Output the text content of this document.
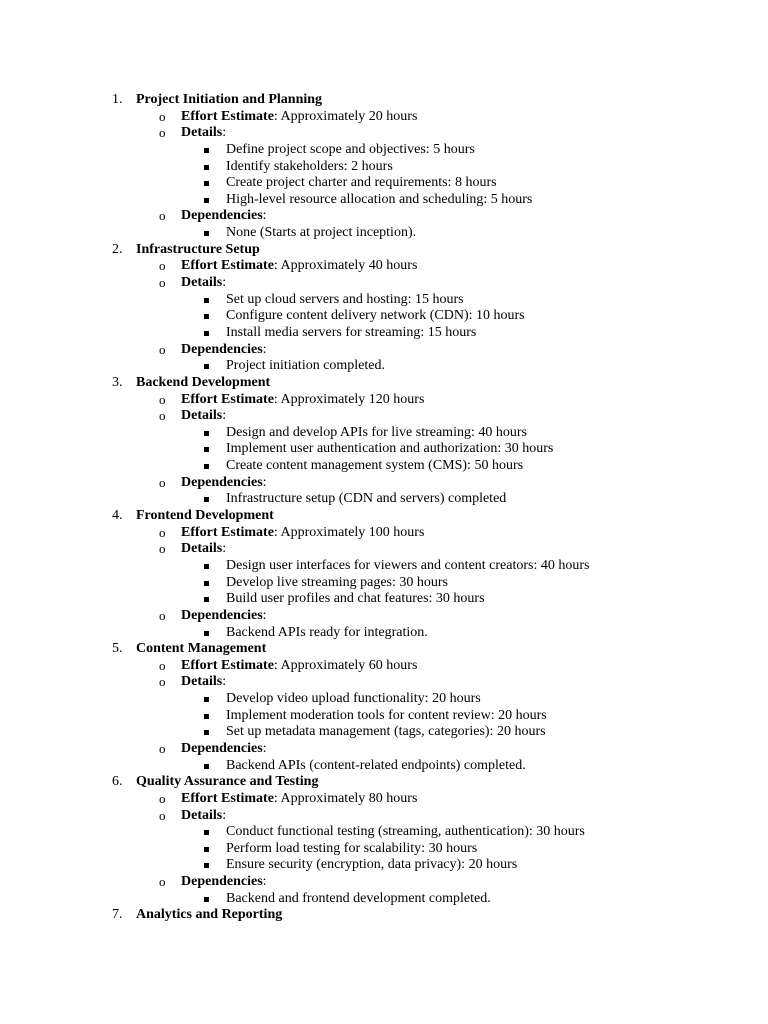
1. Project Initiation and Planning
o Effort Estimate: Approximately 20 hours
o Details:
Define project scope and objectives: 5 hours
Identify stakeholders: 2 hours
Create project charter and requirements: 8 hours
High-level resource allocation and scheduling: 5 hours
o Dependencies:
None (Starts at project inception).
2. Infrastructure Setup
o Effort Estimate: Approximately 40 hours
o Details:
Set up cloud servers and hosting: 15 hours
Configure content delivery network (CDN): 10 hours
Install media servers for streaming: 15 hours
o Dependencies:
Project initiation completed.
3. Backend Development
o Effort Estimate: Approximately 120 hours
o Details:
Design and develop APIs for live streaming: 40 hours
Implement user authentication and authorization: 30 hours
Create content management system (CMS): 50 hours
o Dependencies:
Infrastructure setup (CDN and servers) completed
4. Frontend Development
o Effort Estimate: Approximately 100 hours
o Details:
Design user interfaces for viewers and content creators: 40 hours
Develop live streaming pages: 30 hours
Build user profiles and chat features: 30 hours
o Dependencies:
Backend APIs ready for integration.
5. Content Management
o Effort Estimate: Approximately 60 hours
o Details:
Develop video upload functionality: 20 hours
Implement moderation tools for content review: 20 hours
Set up metadata management (tags, categories): 20 hours
o Dependencies:
Backend APIs (content-related endpoints) completed.
6. Quality Assurance and Testing
o Effort Estimate: Approximately 80 hours
o Details:
Conduct functional testing (streaming, authentication): 30 hours
Perform load testing for scalability: 30 hours
Ensure security (encryption, data privacy): 20 hours
o Dependencies:
Backend and frontend development completed.
7. Analytics and Reporting
